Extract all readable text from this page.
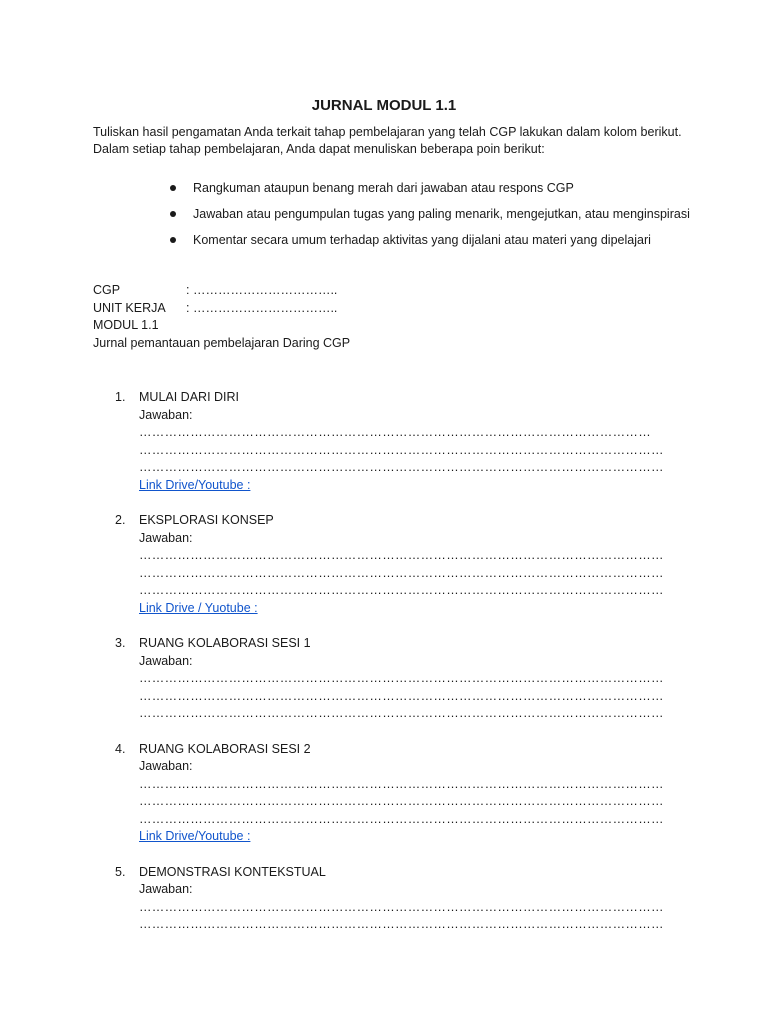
JURNAL MODUL 1.1
Tuliskan hasil pengamatan Anda terkait tahap pembelajaran yang telah CGP lakukan dalam kolom berikut. Dalam setiap tahap pembelajaran, Anda dapat menuliskan beberapa poin berikut:
Rangkuman ataupun benang merah dari jawaban atau respons CGP
Jawaban atau pengumpulan tugas yang paling menarik, mengejutkan, atau menginspirasi
Komentar secara umum terhadap aktivitas yang dijalani atau materi yang dipelajari
CGP	: ……………………………..
UNIT KERJA	: ……………………………..
MODUL 1.1
Jurnal pemantauan pembelajaran Daring CGP
1.	MULAI DARI DIRI
Jawaban:
…………………………………………………………………………………………………………
……………………………………………………………………………………………………………
……………………………………………………………………………………………………………
Link Drive/Youtube :
2.	EKSPLORASI KONSEP
Jawaban:
……………………………………………………………………………………………………………
……………………………………………………………………………………………………………
……………………………………………………………………………………………………………
Link Drive / Yuotube :
3.	RUANG KOLABORASI SESI 1
Jawaban:
……………………………………………………………………………………………………………
……………………………………………………………………………………………………………
……………………………………………………………………………………………………………
4.	RUANG KOLABORASI SESI 2
Jawaban:
……………………………………………………………………………………………………………
……………………………………………………………………………………………………………
……………………………………………………………………………………………………………
Link Drive/Youtube :
5.	DEMONSTRASI KONTEKSTUAL
Jawaban:
……………………………………………………………………………………………………………
……………………………………………………………………………………………………………
